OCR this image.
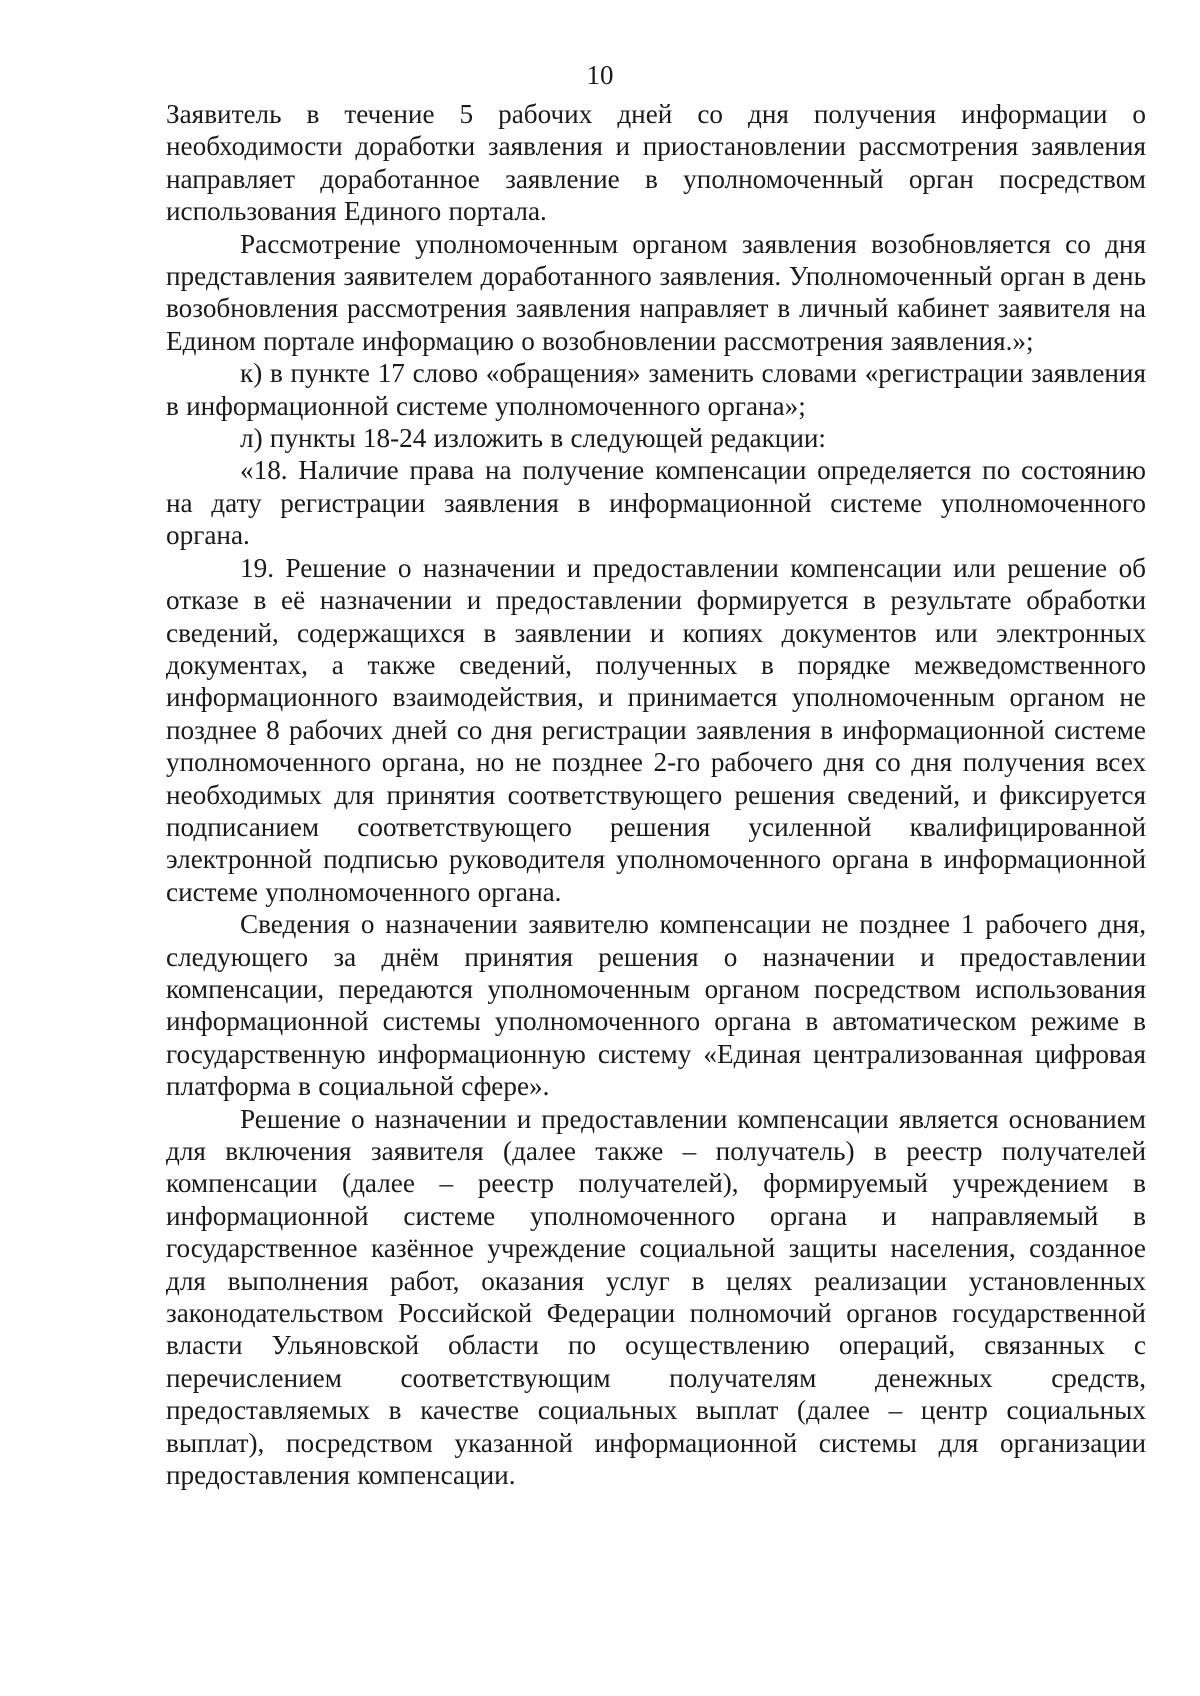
10

Заявитель в течение 5 рабочих дней со дня получения информации о необходимости доработки заявления и приостановлении рассмотрения заявления направляет доработанное заявление в уполномоченный орган посредством использования Единого портала.

Рассмотрение уполномоченным органом заявления возобновляется со дня представления заявителем доработанного заявления. Уполномоченный орган в день возобновления рассмотрения заявления направляет в личный кабинет заявителя на Едином портале информацию о возобновлении рассмотрения заявления.»;

к) в пункте 17 слово «обращения» заменить словами «регистрации заявления в информационной системе уполномоченного органа»;

л) пункты 18-24 изложить в следующей редакции:

«18. Наличие права на получение компенсации определяется по состоянию на дату регистрации заявления в информационной системе уполномоченного органа.

19. Решение о назначении и предоставлении компенсации или решение об отказе в её назначении и предоставлении формируется в результате обработки сведений, содержащихся в заявлении и копиях документов или электронных документах, а также сведений, полученных в порядке межведомственного информационного взаимодействия, и принимается уполномоченным органом не позднее 8 рабочих дней со дня регистрации заявления в информационной системе уполномоченного органа, но не позднее 2-го рабочего дня со дня получения всех необходимых для принятия соответствующего решения сведений, и фиксируется подписанием соответствующего решения усиленной квалифицированной электронной подписью руководителя уполномоченного органа в информационной системе уполномоченного органа.

Сведения о назначении заявителю компенсации не позднее 1 рабочего дня, следующего за днём принятия решения о назначении и предоставлении компенсации, передаются уполномоченным органом посредством использования информационной системы уполномоченного органа в автоматическом режиме в государственную информационную систему «Единая централизованная цифровая платформа в социальной сфере».

Решение о назначении и предоставлении компенсации является основанием для включения заявителя (далее также – получатель) в реестр получателей компенсации (далее – реестр получателей), формируемый учреждением в информационной системе уполномоченного органа и направляемый в государственное казённое учреждение социальной защиты населения, созданное для выполнения работ, оказания услуг в целях реализации установленных законодательством Российской Федерации полномочий органов государственной власти Ульяновской области по осуществлению операций, связанных с перечислением соответствующим получателям денежных средств, предоставляемых в качестве социальных выплат (далее – центр социальных выплат), посредством указанной информационной системы для организации предоставления компенсации.
